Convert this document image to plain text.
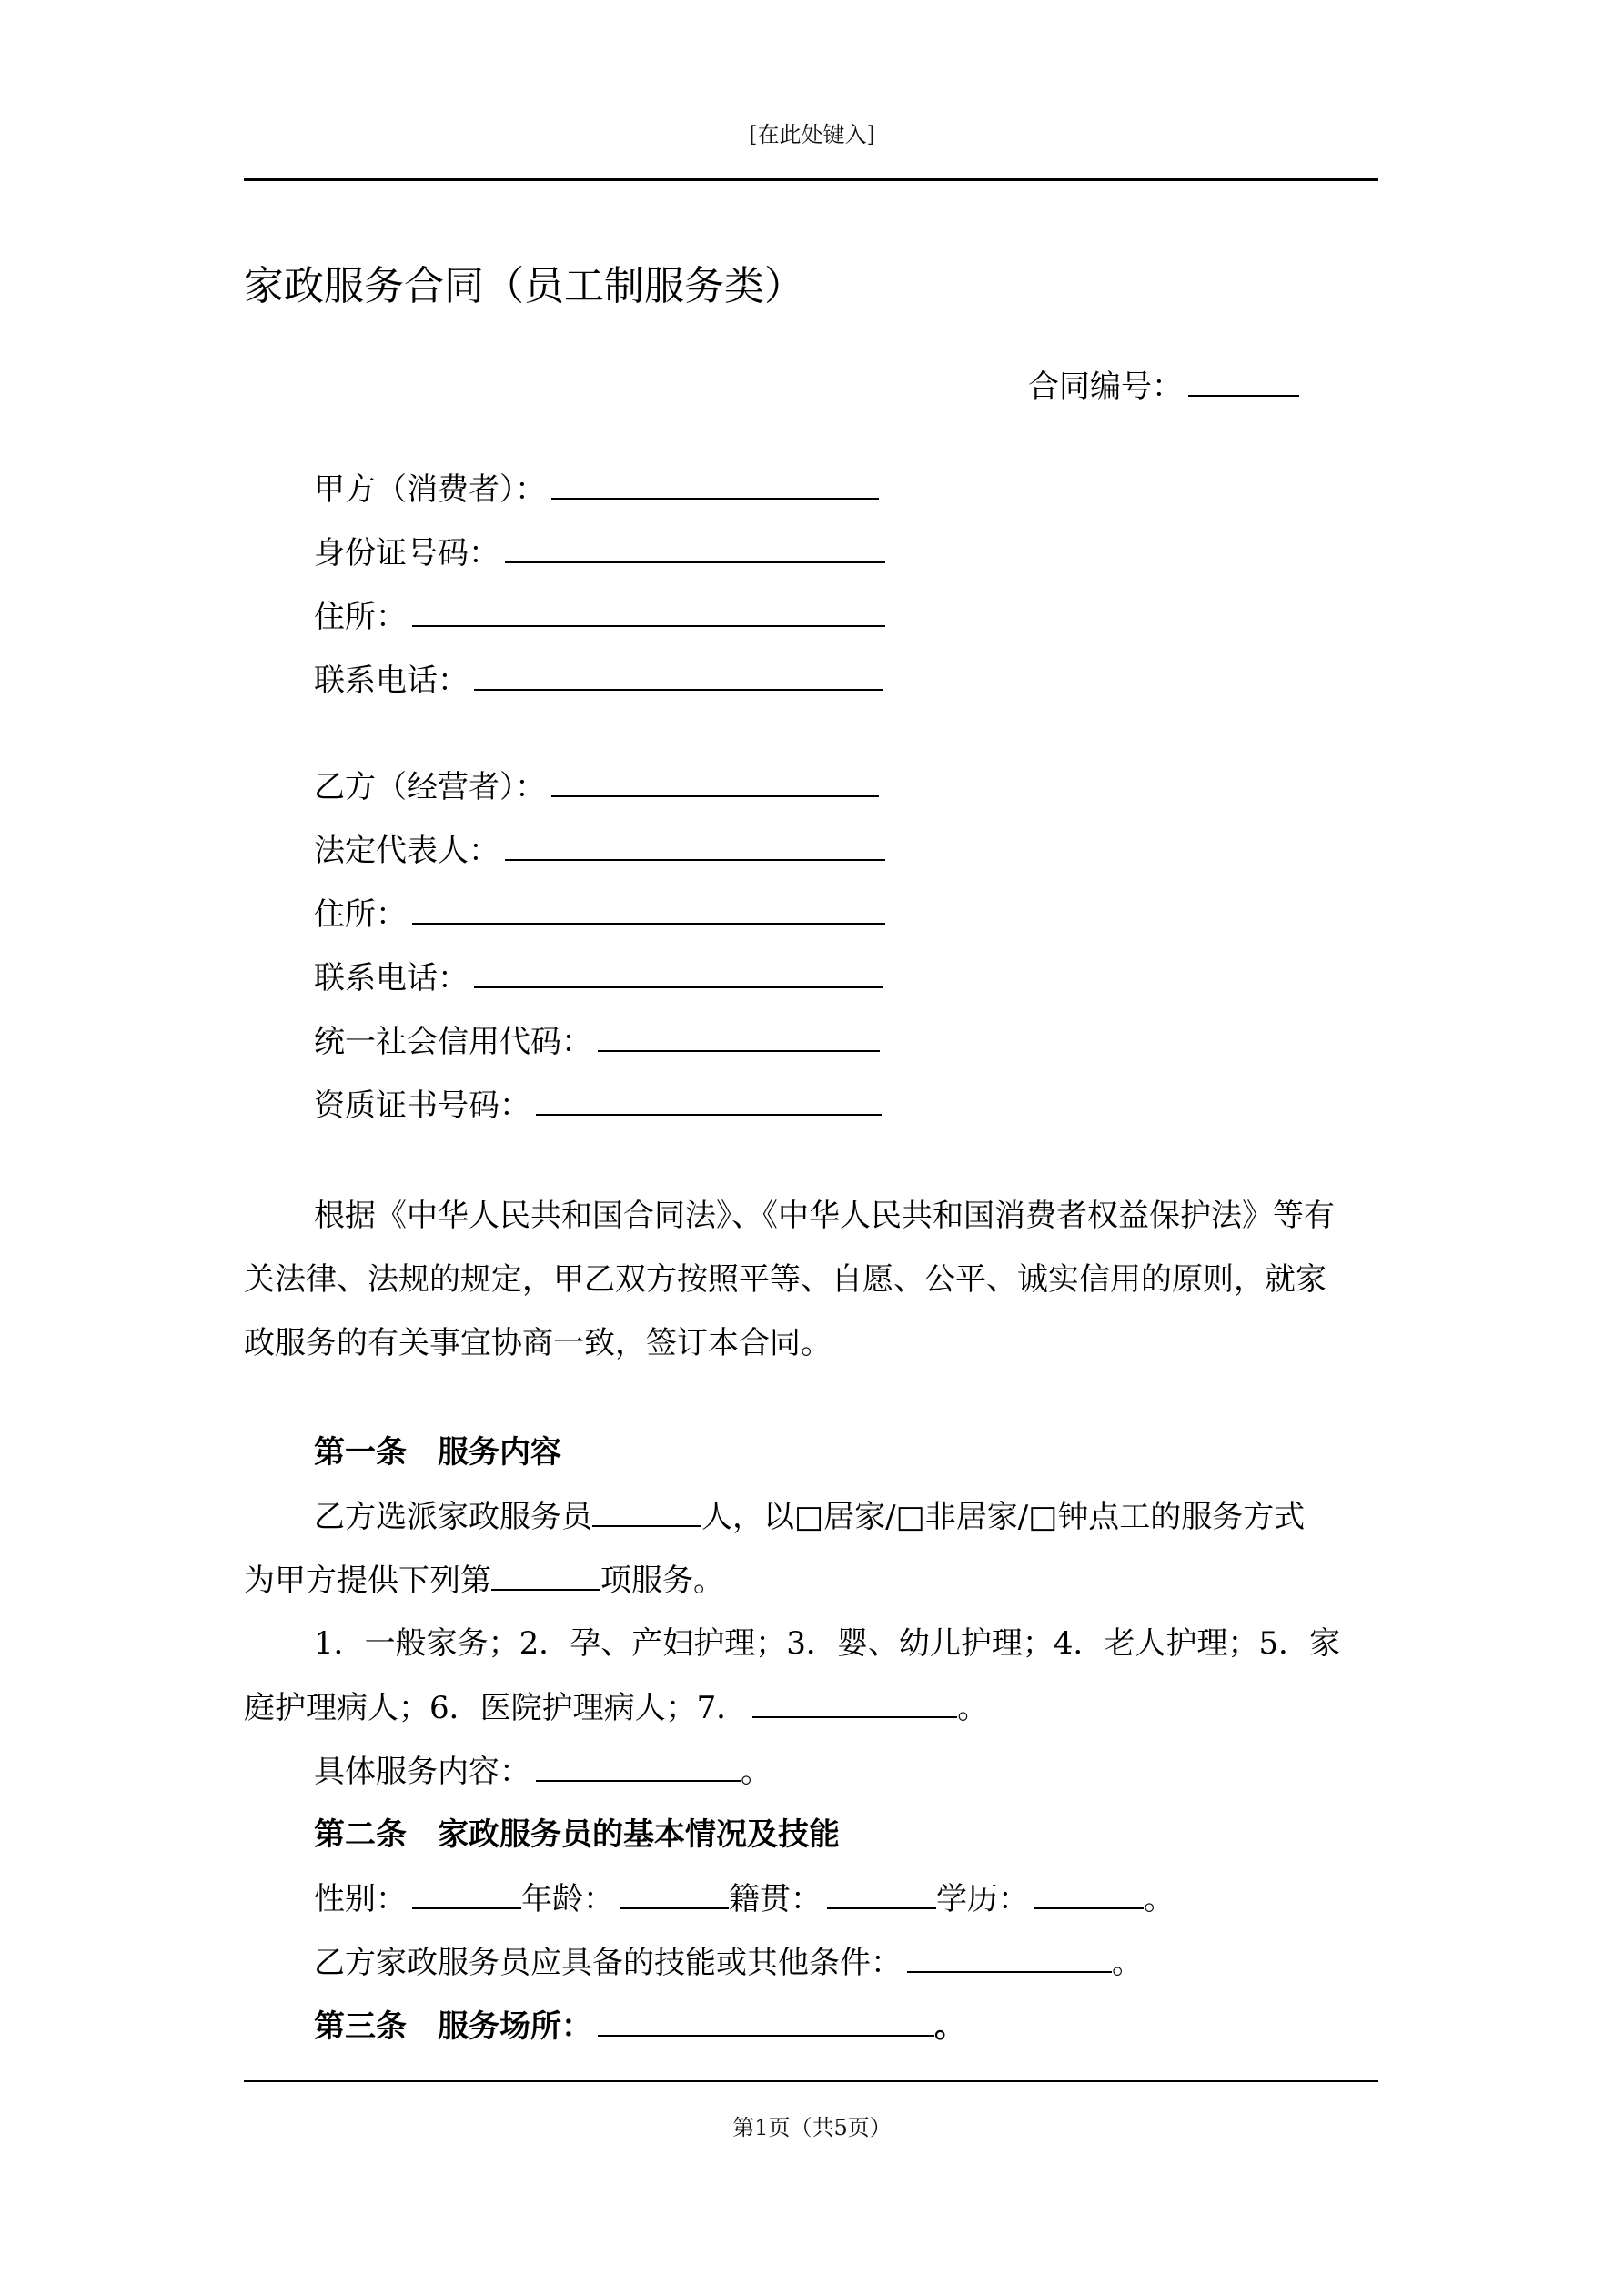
[在此处键入]
家政服务合同（员工制服务类）
合同编号：
甲方（消费者）：
身份证号码：
住所：
联系电话：
乙方（经营者）：
法定代表人：
住所：
联系电话：
统一社会信用代码：
资质证书号码：
根据《中华人民共和国合同法》、《中华人民共和国消费者权益保护法》等有
关法律、法规的规定，甲乙双方按照平等、自愿、公平、诚实信用的原则，就家
政服务的有关事宜协商一致，签订本合同。
第一条　服务内容
乙方选派家政服务员	人，以□居家/□非居家/□钟点工的服务方式
为甲方提供下列第	项服务。
1．一般家务；2．孕、产妇护理；3．婴、幼儿护理；4．老人护理；5．家
庭护理病人；6．医院护理病人；7．	。
具体服务内容：	。
第二条　家政服务员的基本情况及技能
性别：	年龄：	籍贯：	学历：	。
乙方家政服务员应具备的技能或其他条件：	。
第三条　服务场所：	。
第1页（共5页）
